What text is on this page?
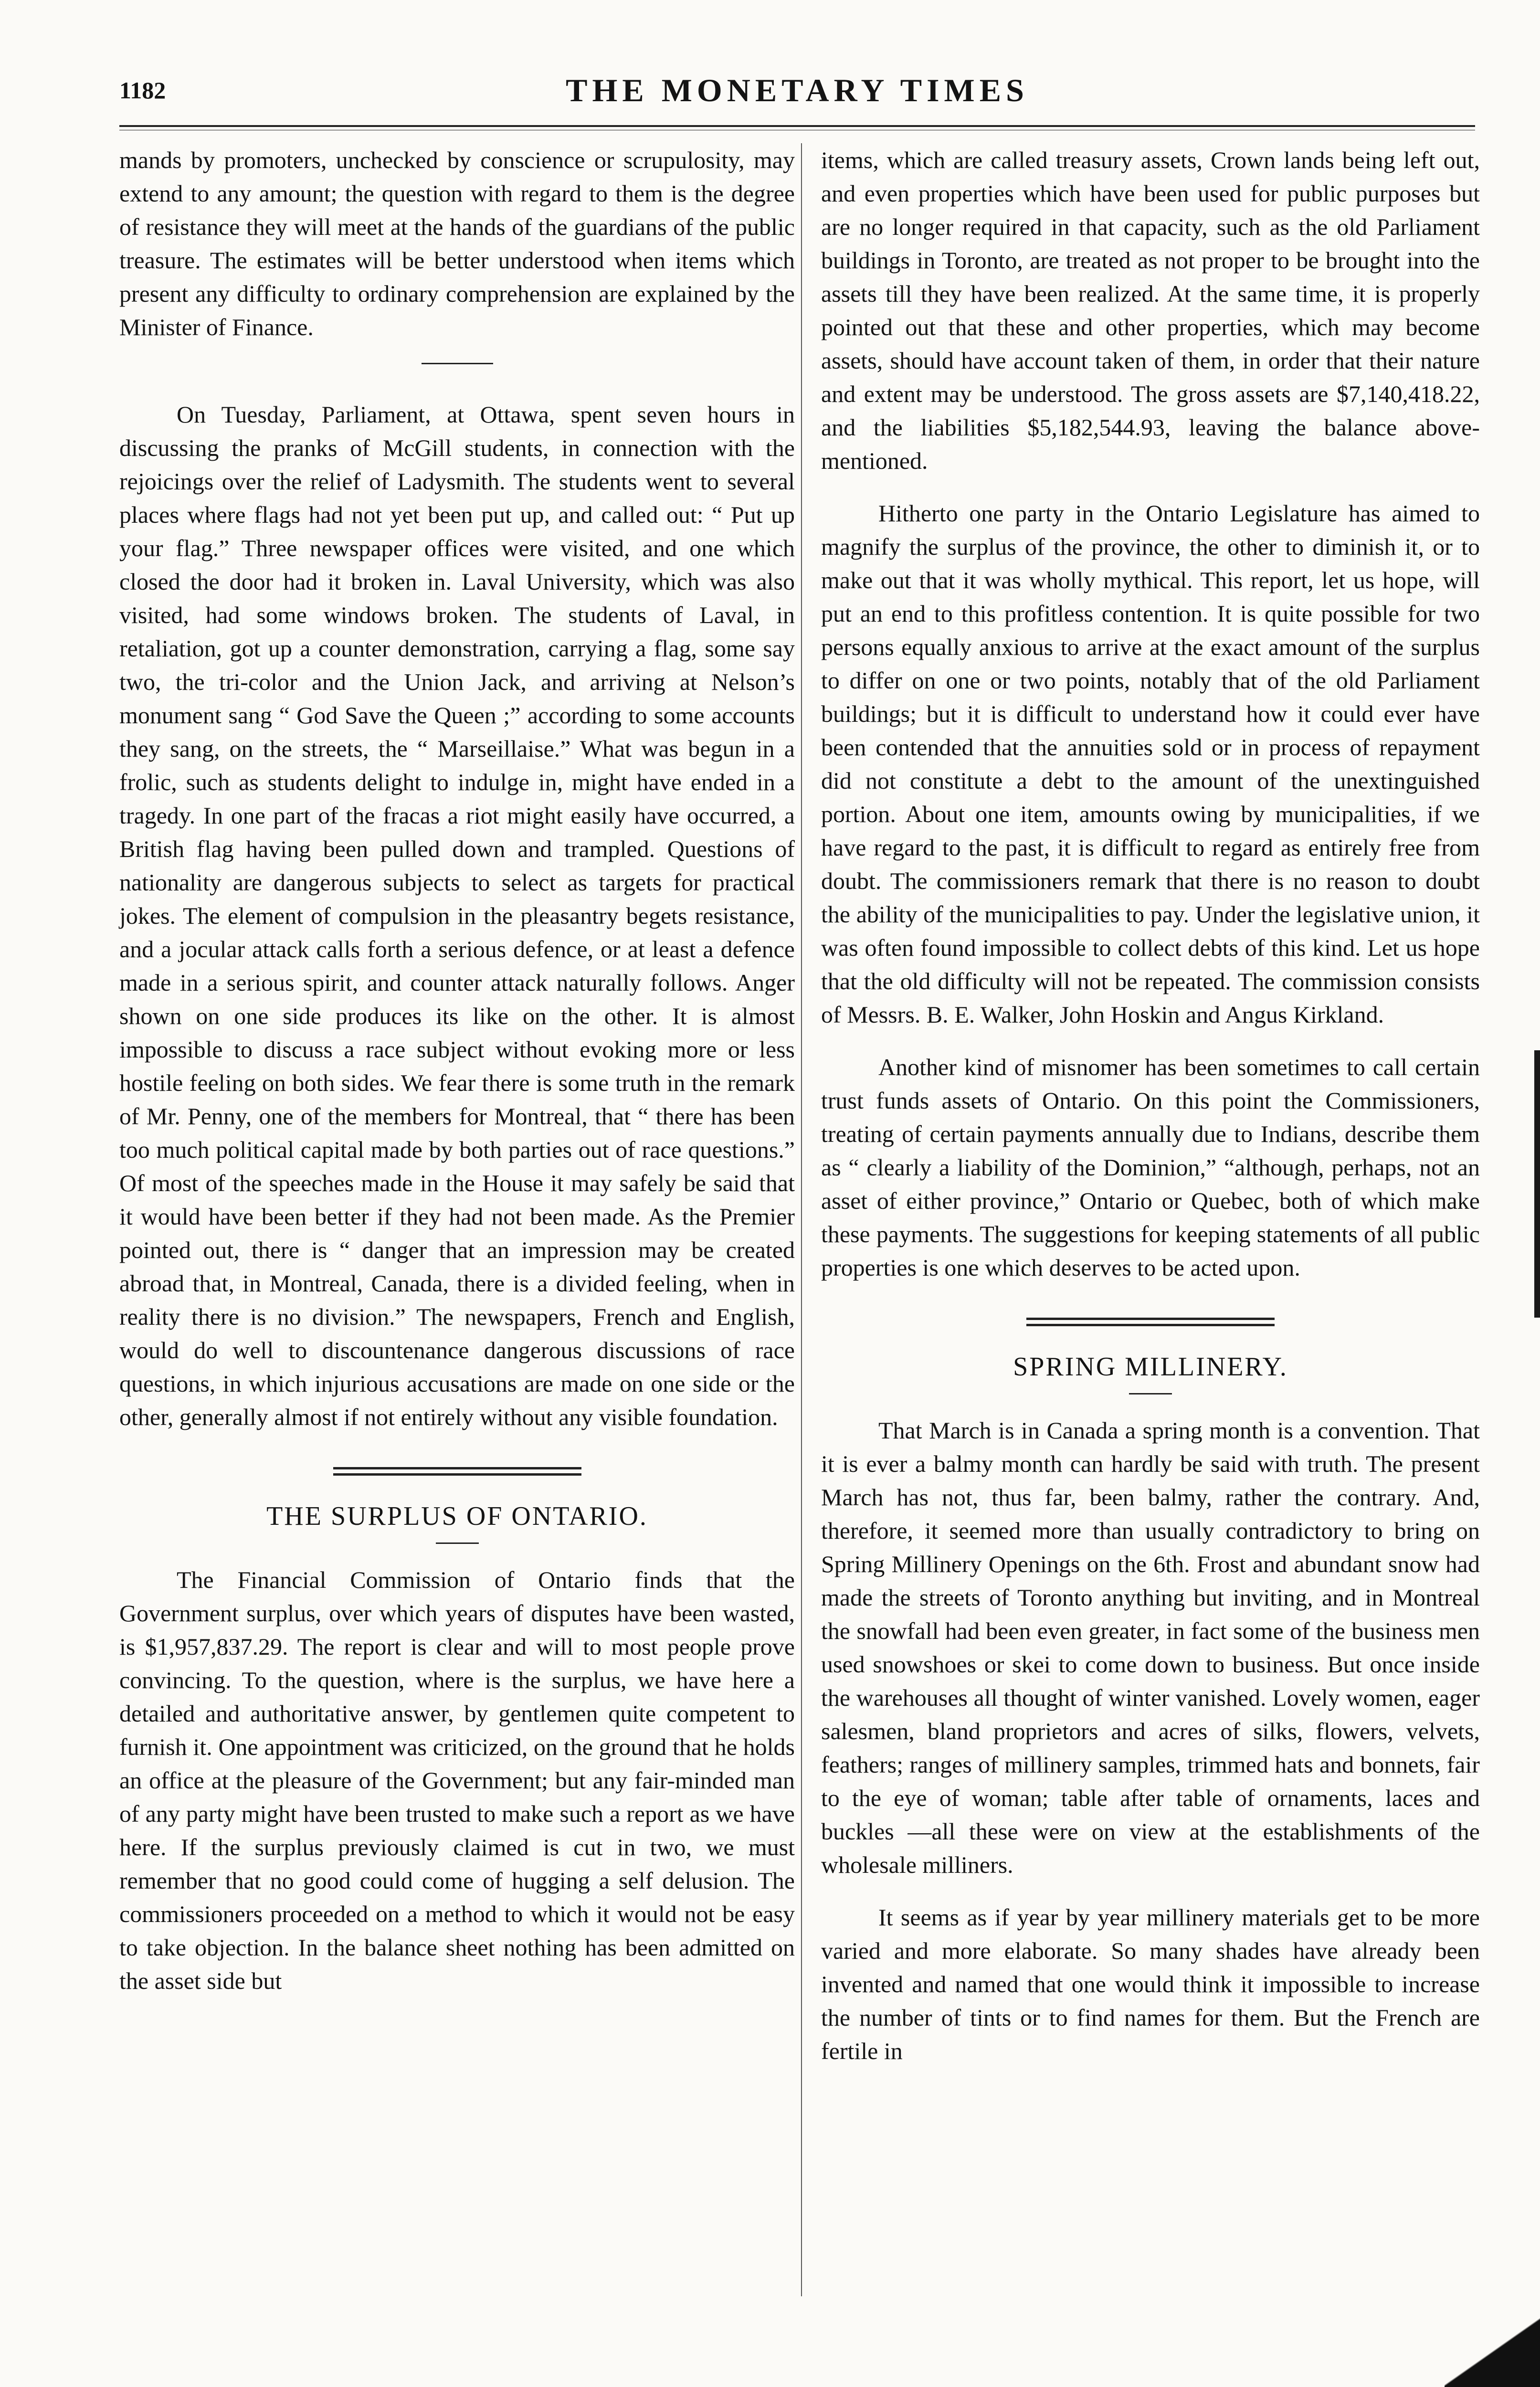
1182	THE MONETARY TIMES

mands by promoters, unchecked by conscience or scrupulosity, may extend to any amount; the question with regard to them is the degree of resistance they will meet at the hands of the guardians of the public treasure. The estimates will be better understood when items which present any difficulty to ordinary comprehension are explained by the Minister of Finance.

On Tuesday, Parliament, at Ottawa, spent seven hours in discussing the pranks of McGill students, in connection with the rejoicings over the relief of Ladysmith. The students went to several places where flags had not yet been put up, and called out: “ Put up your flag.” Three newspaper offices were visited, and one which closed the door had it broken in. Laval University, which was also visited, had some windows broken. The students of Laval, in retaliation, got up a counter demonstration, carrying a flag, some say two, the tri-color and the Union Jack, and arriving at Nelson’s monument sang “ God Save the Queen ;” according to some accounts they sang, on the streets, the “ Marseillaise.” What was begun in a frolic, such as students delight to indulge in, might have ended in a tragedy. In one part of the fracas a riot might easily have occurred, a British flag having been pulled down and trampled. Questions of nationality are dangerous subjects to select as targets for practical jokes. The element of compulsion in the pleasantry begets resistance, and a jocular attack calls forth a serious defence, or at least a defence made in a serious spirit, and counter attack naturally follows. Anger shown on one side produces its like on the other. It is almost impossible to discuss a race subject without evoking more or less hostile feeling on both sides. We fear there is some truth in the remark of Mr. Penny, one of the members for Montreal, that “ there has been too much political capital made by both parties out of race questions.” Of most of the speeches made in the House it may safely be said that it would have been better if they had not been made. As the Premier pointed out, there is “ danger that an impression may be created abroad that, in Montreal, Canada, there is a divided feeling, when in reality there is no division.” The newspapers, French and English, would do well to discountenance dangerous discussions of race questions, in which injurious accusations are made on one side or the other, generally almost if not entirely without any visible foundation.

THE SURPLUS OF ONTARIO.

The Financial Commission of Ontario finds that the Government surplus, over which years of disputes have been wasted, is $1,957,837.29. The report is clear and will to most people prove convincing. To the question, where is the surplus, we have here a detailed and authoritative answer, by gentlemen quite competent to furnish it. One appointment was criticized, on the ground that he holds an office at the pleasure of the Government; but any fair-minded man of any party might have been trusted to make such a report as we have here. If the surplus previously claimed is cut in two, we must remember that no good could come of hugging a self delusion. The commissioners proceeded on a method to which it would not be easy to take objection. In the balance sheet nothing has been admitted on the asset side but

items, which are called treasury assets, Crown lands being left out, and even properties which have been used for public purposes but are no longer required in that capacity, such as the old Parliament buildings in Toronto, are treated as not proper to be brought into the assets till they have been realized. At the same time, it is properly pointed out that these and other properties, which may become assets, should have account taken of them, in order that their nature and extent may be understood. The gross assets are $7,140,418.22, and the liabilities $5,182,544.93, leaving the balance above-mentioned.

Hitherto one party in the Ontario Legislature has aimed to magnify the surplus of the province, the other to diminish it, or to make out that it was wholly mythical. This report, let us hope, will put an end to this profitless contention. It is quite possible for two persons equally anxious to arrive at the exact amount of the surplus to differ on one or two points, notably that of the old Parliament buildings; but it is difficult to understand how it could ever have been contended that the annuities sold or in process of repayment did not constitute a debt to the amount of the unextinguished portion. About one item, amounts owing by municipalities, if we have regard to the past, it is difficult to regard as entirely free from doubt. The commissioners remark that there is no reason to doubt the ability of the municipalities to pay. Under the legislative union, it was often found impossible to collect debts of this kind. Let us hope that the old difficulty will not be repeated. The commission consists of Messrs. B. E. Walker, John Hoskin and Angus Kirkland.

Another kind of misnomer has been sometimes to call certain trust funds assets of Ontario. On this point the Commissioners, treating of certain payments annually due to Indians, describe them as “ clearly a liability of the Dominion,” “although, perhaps, not an asset of either province,” Ontario or Quebec, both of which make these payments. The suggestions for keeping statements of all public properties is one which deserves to be acted upon.

SPRING MILLINERY.

That March is in Canada a spring month is a convention. That it is ever a balmy month can hardly be said with truth. The present March has not, thus far, been balmy, rather the contrary. And, therefore, it seemed more than usually contradictory to bring on Spring Millinery Openings on the 6th. Frost and abundant snow had made the streets of Toronto anything but inviting, and in Montreal the snowfall had been even greater, in fact some of the business men used snowshoes or skei to come down to business. But once inside the warehouses all thought of winter vanished. Lovely women, eager salesmen, bland proprietors and acres of silks, flowers, velvets, feathers; ranges of millinery samples, trimmed hats and bonnets, fair to the eye of woman; table after table of ornaments, laces and buckles —all these were on view at the establishments of the wholesale milliners.

It seems as if year by year millinery materials get to be more varied and more elaborate. So many shades have already been invented and named that one would think it impossible to increase the number of tints or to find names for them. But the French are fertile in
